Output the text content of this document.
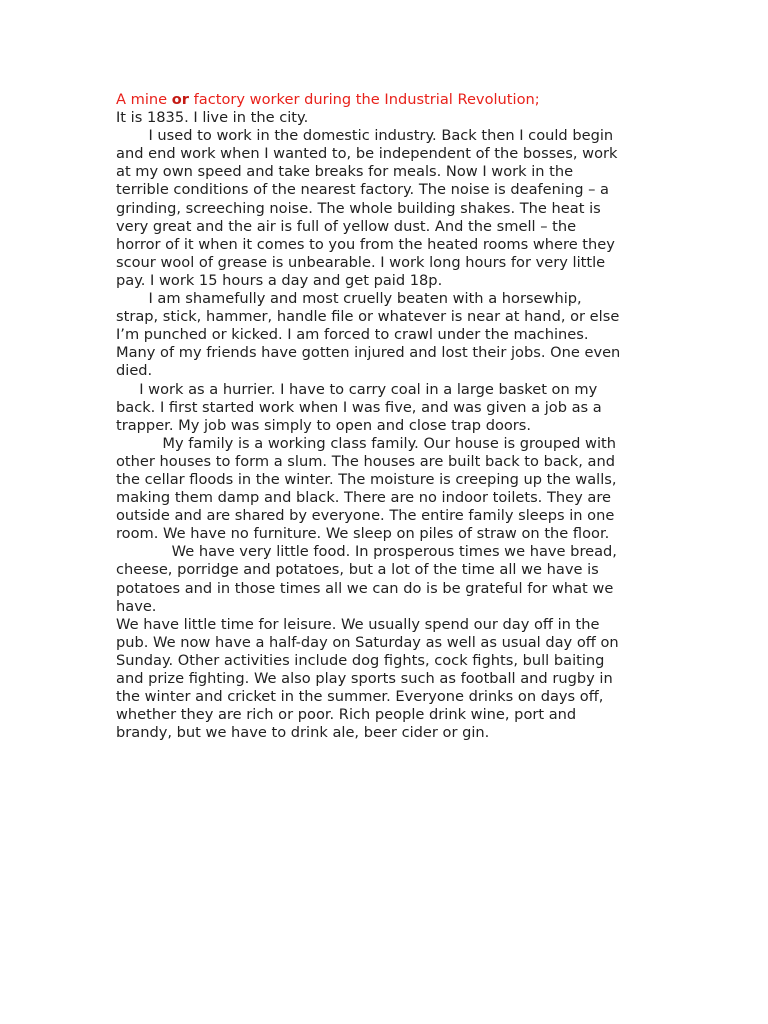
A mine or factory worker during the Industrial Revolution;
It is 1835. I live in the city.
I used to work in the domestic industry. Back then I could begin
and end work when I wanted to, be independent of the bosses, work
at my own speed and take breaks for meals. Now I work in the
terrible conditions of the nearest factory. The noise is deafening – a
grinding, screeching noise. The whole building shakes. The heat is
very great and the air is full of yellow dust. And the smell – the
horror of it when it comes to you from the heated rooms where they
scour wool of grease is unbearable. I work long hours for very little
pay. I work 15 hours a day and get paid 18p.
I am shamefully and most cruelly beaten with a horsewhip,
strap, stick, hammer, handle file or whatever is near at hand, or else
I’m punched or kicked. I am forced to crawl under the machines.
Many of my friends have gotten injured and lost their jobs. One even
died.
I work as a hurrier. I have to carry coal in a large basket on my
back. I first started work when I was five, and was given a job as a
trapper. My job was simply to open and close trap doors.
My family is a working class family. Our house is grouped with
other houses to form a slum. The houses are built back to back, and
the cellar floods in the winter. The moisture is creeping up the walls,
making them damp and black. There are no indoor toilets. They are
outside and are shared by everyone. The entire family sleeps in one
room. We have no furniture. We sleep on piles of straw on the floor.
We have very little food. In prosperous times we have bread,
cheese, porridge and potatoes, but a lot of the time all we have is
potatoes and in those times all we can do is be grateful for what we
have.
We have little time for leisure. We usually spend our day off in the
pub. We now have a half-day on Saturday as well as usual day off on
Sunday. Other activities include dog fights, cock fights, bull baiting
and prize fighting. We also play sports such as football and rugby in
the winter and cricket in the summer. Everyone drinks on days off,
whether they are rich or poor. Rich people drink wine, port and
brandy, but we have to drink ale, beer cider or gin.
